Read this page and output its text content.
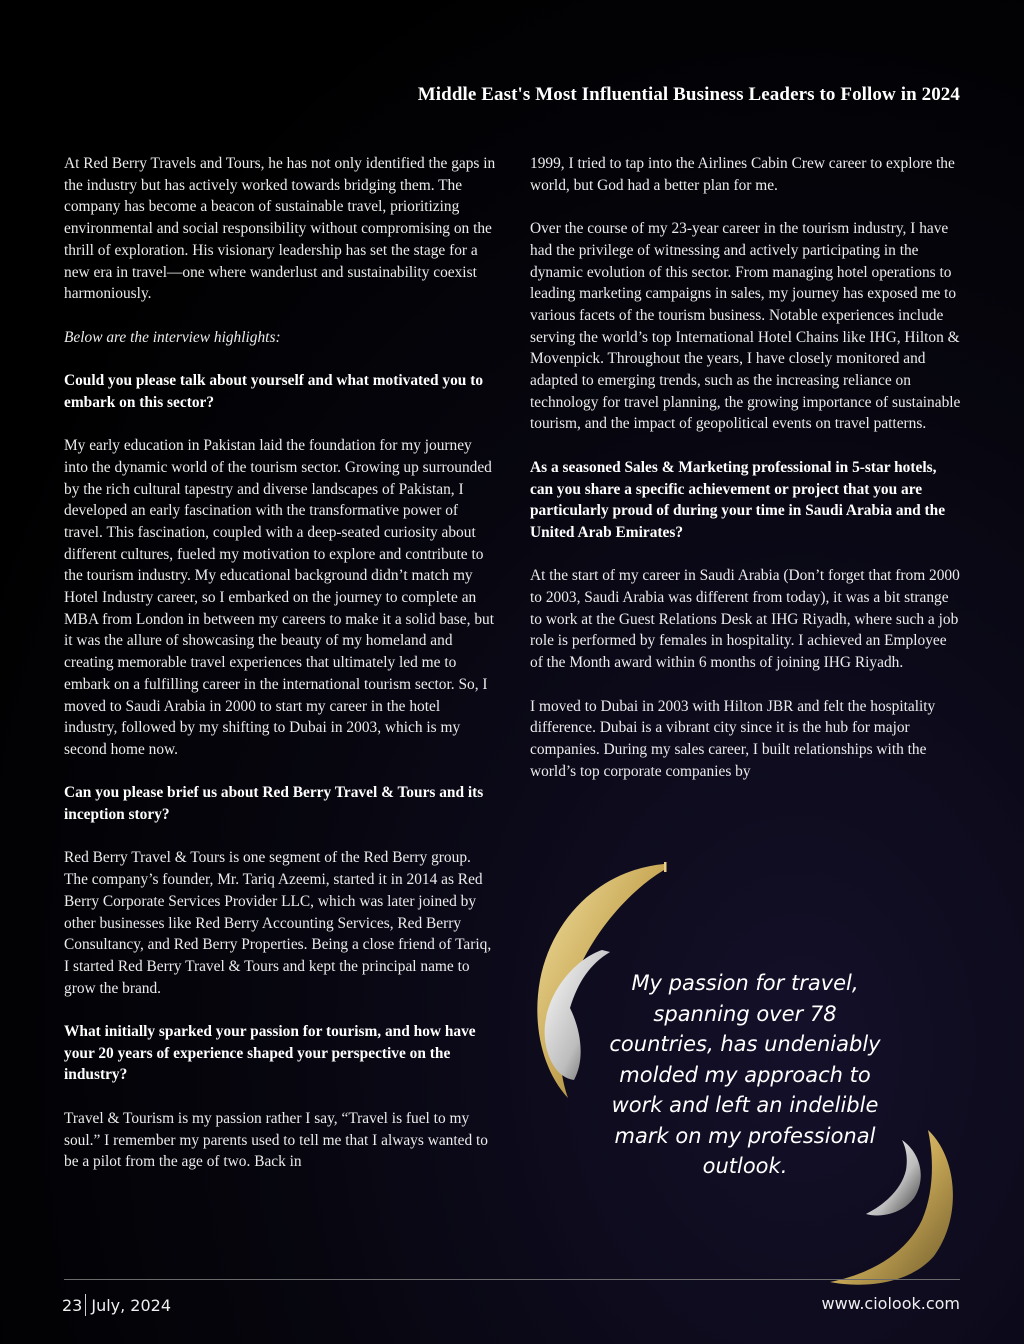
Middle East's Most Influential Business Leaders to Follow in 2024

At Red Berry Travels and Tours, he has not only identified the gaps in the industry but has actively worked towards bridging them. The company has become a beacon of sustainable travel, prioritizing environmental and social responsibility without compromising on the thrill of exploration. His visionary leadership has set the stage for a new era in travel—one where wanderlust and sustainability coexist harmoniously.

Below are the interview highlights:

Could you please talk about yourself and what motivated you to embark on this sector?

My early education in Pakistan laid the foundation for my journey into the dynamic world of the tourism sector. Growing up surrounded by the rich cultural tapestry and diverse landscapes of Pakistan, I developed an early fascination with the transformative power of travel. This fascination, coupled with a deep-seated curiosity about different cultures, fueled my motivation to explore and contribute to the tourism industry. My educational background didn’t match my Hotel Industry career, so I embarked on the journey to complete an MBA from London in between my careers to make it a solid base, but it was the allure of showcasing the beauty of my homeland and creating memorable travel experiences that ultimately led me to embark on a fulfilling career in the international tourism sector. So, I moved to Saudi Arabia in 2000 to start my career in the hotel industry, followed by my shifting to Dubai in 2003, which is my second home now.

Can you please brief us about Red Berry Travel & Tours and its inception story?

Red Berry Travel & Tours is one segment of the Red Berry group. The company’s founder, Mr. Tariq Azeemi, started it in 2014 as Red Berry Corporate Services Provider LLC, which was later joined by other businesses like Red Berry Accounting Services, Red Berry Consultancy, and Red Berry Properties. Being a close friend of Tariq, I started Red Berry Travel & Tours and kept the principal name to grow the brand.

What initially sparked your passion for tourism, and how have your 20 years of experience shaped your perspective on the industry?

Travel & Tourism is my passion rather I say, “Travel is fuel to my soul.” I remember my parents used to tell me that I always wanted to be a pilot from the age of two. Back in

1999, I tried to tap into the Airlines Cabin Crew career to explore the world, but God had a better plan for me.

Over the course of my 23-year career in the tourism industry, I have had the privilege of witnessing and actively participating in the dynamic evolution of this sector. From managing hotel operations to leading marketing campaigns in sales, my journey has exposed me to various facets of the tourism business. Notable experiences include serving the world’s top International Hotel Chains like IHG, Hilton & Movenpick. Throughout the years, I have closely monitored and adapted to emerging trends, such as the increasing reliance on technology for travel planning, the growing importance of sustainable tourism, and the impact of geopolitical events on travel patterns.

As a seasoned Sales & Marketing professional in 5-star hotels, can you share a specific achievement or project that you are particularly proud of during your time in Saudi Arabia and the United Arab Emirates?

At the start of my career in Saudi Arabia (Don’t forget that from 2000 to 2003, Saudi Arabia was different from today), it was a bit strange to work at the Guest Relations Desk at IHG Riyadh, where such a job role is performed by females in hospitality. I achieved an Employee of the Month award within 6 months of joining IHG Riyadh.

I moved to Dubai in 2003 with Hilton JBR and felt the hospitality difference. Dubai is a vibrant city since it is the hub for major companies. During my sales career, I built relationships with the world’s top corporate companies by

My passion for travel, spanning over 78 countries, has undeniably molded my approach to work and left an indelible mark on my professional outlook.
23 July, 2024	www.ciolook.com
